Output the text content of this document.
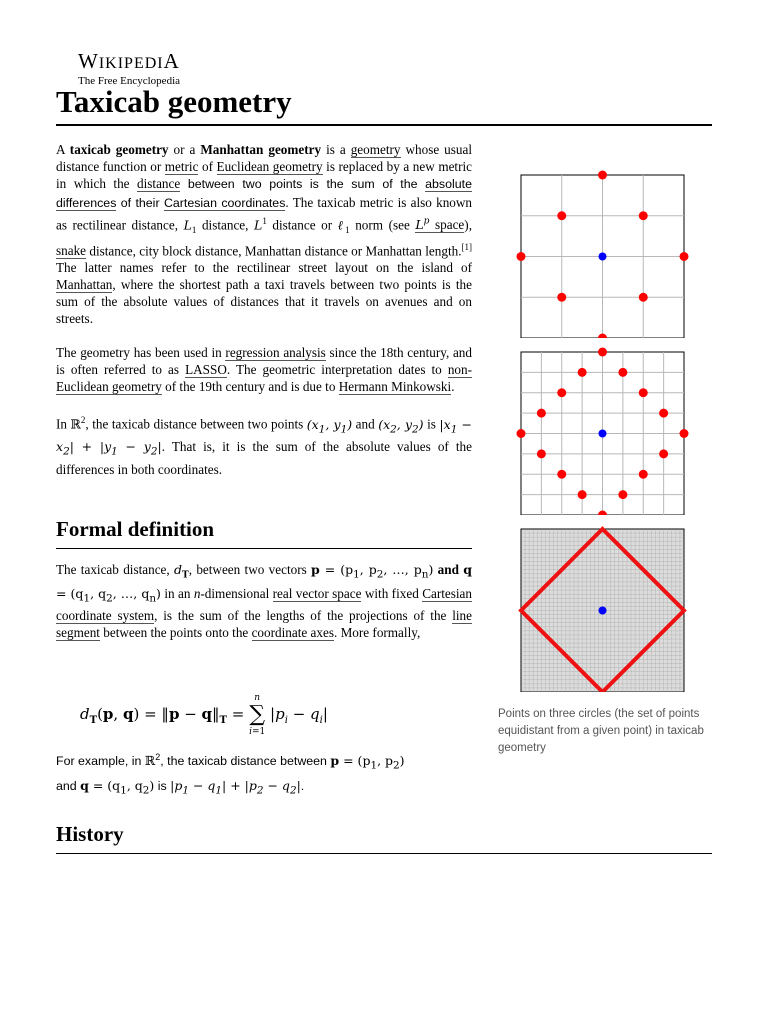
WIKIPEDIA
The Free Encyclopedia
Taxicab geometry

A taxicab geometry or a Manhattan geometry is a geometry whose usual distance function or metric of Euclidean geometry is replaced by a new metric in which the distance between two points is the sum of the absolute differences of their Cartesian coordinates. The taxicab metric is also known as rectilinear distance, $L_1$ distance, $L^1$ distance or ℓ$_1$ norm (see $L^p$ space), snake distance, city block distance, Manhattan distance or Manhattan length.[1] The latter names refer to the rectilinear street layout on the island of Manhattan, where the shortest path a taxi travels between two points is the sum of the absolute values of distances that it travels on avenues and on streets.

The geometry has been used in regression analysis since the 18th century, and is often referred to as LASSO. The geometric interpretation dates to non-Euclidean geometry of the 19th century and is due to Hermann Minkowski.

In ℝ$^2$, the taxicab distance between two points ($x_1$, $y_1$) and ($x_2$, $y_2$) is $|x_1 - x_2| + |y_1 - y_2|$. That is, it is the sum of the absolute values of the differences in both coordinates.

Formal definition

The taxicab distance, $d_T$, between two vectors $p = (p_1$, $p_2$, …, $p_n$) and $q = (q_1$, $q_2$, …, $q_n$) in an n-dimensional real vector space with fixed Cartesian coordinate system, is the sum of the lengths of the projections of the line segment between the points onto the coordinate axes. More formally,

$d_T(p$, q) = ‖p − $q‖_T$ =
n
∑
i=1
$|p_i - q_i|$

For example, in ℝ$^2$, the taxicab distance between $p = (p_1$, $p_2$)
and $q = (q_1$, $q_2$) is $|p_1 - q_1| + |p_2 - q_2|$.

History
Points on three circles (the set of points equidistant from a given point) in taxicab geometry
